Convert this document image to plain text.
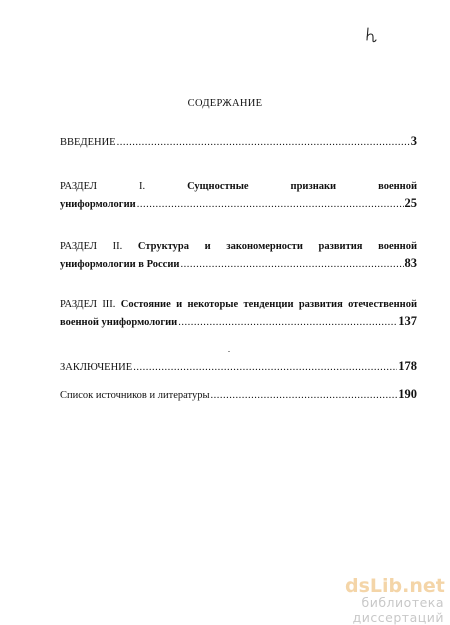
СОДЕРЖАНИЕ
ВВЕДЕНИЕ .....	3
РАЗДЕЛ	I.	Сущностные	признаки	военной
униформологии .....	25
РАЗДЕЛ II. Структура и закономерности развития военной
униформологии в России .....	83
РАЗДЕЛ III. Состояние и некоторые тенденции развития отечественной
военной униформологии .....	137
ЗАКЛЮЧЕНИЕ .....	178
Список источников и литературы .....	190
dsLib.net
библиотека диссертаций
